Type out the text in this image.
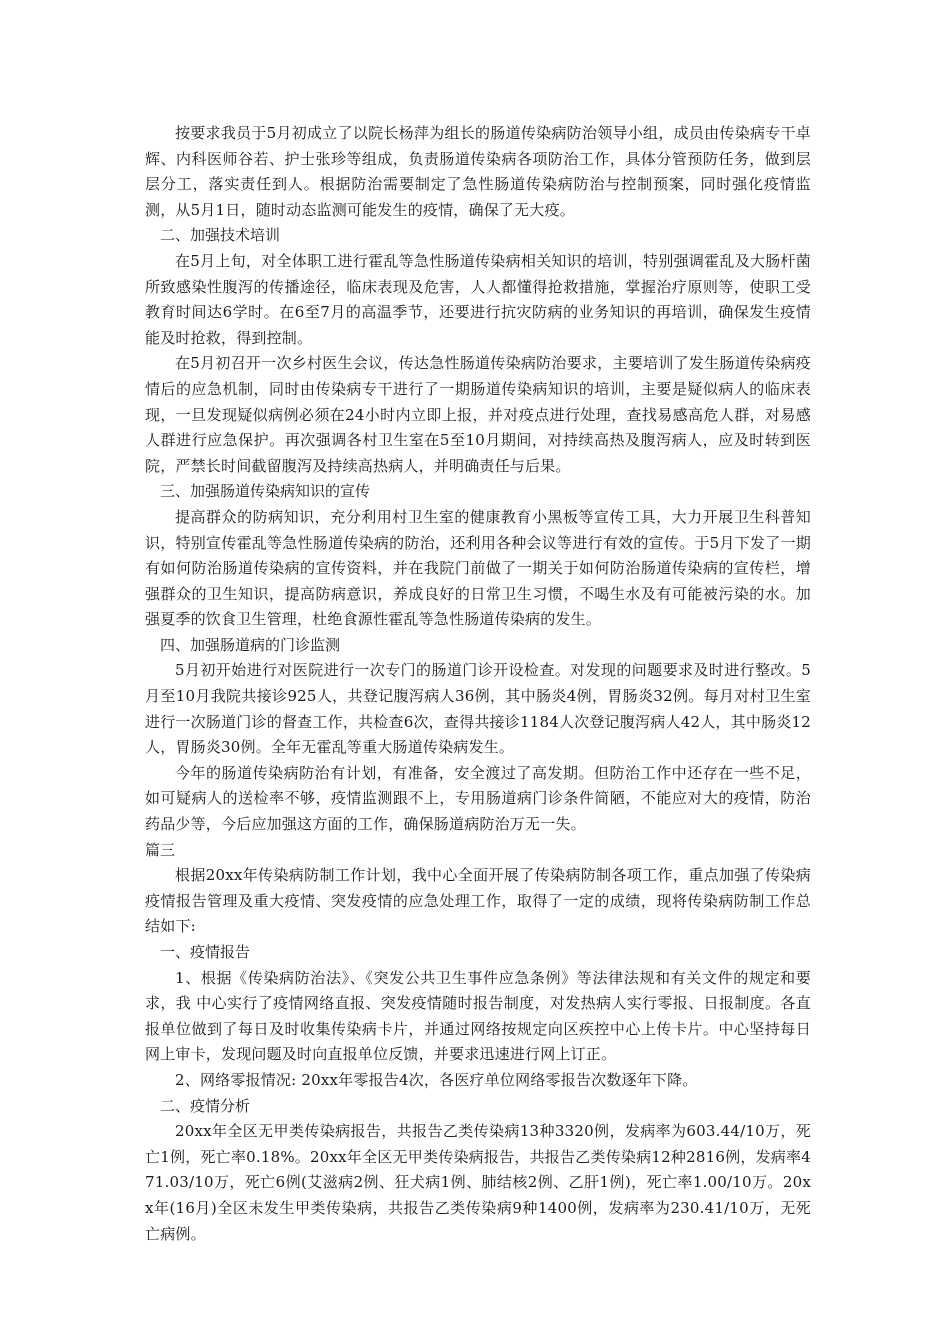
按要求我员于5月初成立了以院长杨萍为组长的肠道传染病防治领导小组，成员由传染病专干卓辉、内科医师谷若、护士张珍等组成，负责肠道传染病各项防治工作，具体分管预防任务，做到层层分工，落实责任到人。根据防治需要制定了急性肠道传染病防治与控制预案，同时强化疫情监测，从5月1日，随时动态监测可能发生的疫情，确保了无大疫。

二、加强技术培训

在5月上旬，对全体职工进行霍乱等急性肠道传染病相关知识的培训，特别强调霍乱及大肠杆菌所致感染性腹泻的传播途径，临床表现及危害，人人都懂得抢救措施，掌握治疗原则等，使职工受教育时间达6学时。在6至7月的高温季节，还要进行抗灾防病的业务知识的再培训，确保发生疫情能及时抢救，得到控制。

在5月初召开一次乡村医生会议，传达急性肠道传染病防治要求，主要培训了发生肠道传染病疫情后的应急机制，同时由传染病专干进行了一期肠道传染病知识的培训，主要是疑似病人的临床表现，一旦发现疑似病例必须在24小时内立即上报，并对疫点进行处理，查找易感高危人群，对易感人群进行应急保护。再次强调各村卫生室在5至10月期间，对持续高热及腹泻病人，应及时转到医院，严禁长时间截留腹泻及持续高热病人，并明确责任与后果。

三、加强肠道传染病知识的宣传

提高群众的防病知识，充分利用村卫生室的健康教育小黑板等宣传工具，大力开展卫生科普知识，特别宣传霍乱等急性肠道传染病的防治，还利用各种会议等进行有效的宣传。于5月下发了一期有如何防治肠道传染病的宣传资料，并在我院门前做了一期关于如何防治肠道传染病的宣传栏，增强群众的卫生知识，提高防病意识，养成良好的日常卫生习惯，不喝生水及有可能被污染的水。加强夏季的饮食卫生管理，杜绝食源性霍乱等急性肠道传染病的发生。

四、加强肠道病的门诊监测

5月初开始进行对医院进行一次专门的肠道门诊开设检查。对发现的问题要求及时进行整改。5月至10月我院共接诊925人，共登记腹泻病人36例，其中肠炎4例，胃肠炎32例。每月对村卫生室进行一次肠道门诊的督查工作，共检查6次，查得共接诊1184人次登记腹泻病人42人，其中肠炎12人，胃肠炎30例。全年无霍乱等重大肠道传染病发生。

今年的肠道传染病防治有计划，有准备，安全渡过了高发期。但防治工作中还存在一些不足，如可疑病人的送检率不够，疫情监测跟不上，专用肠道病门诊条件简陋，不能应对大的疫情，防治药品少等，今后应加强这方面的工作，确保肠道病防治万无一失。

篇三

根据20xx年传染病防制工作计划，我中心全面开展了传染病防制各项工作，重点加强了传染病疫情报告管理及重大疫情、突发疫情的应急处理工作，取得了一定的成绩，现将传染病防制工作总结如下:

一、疫情报告

1、根据《传染病防治法》、《突发公共卫生事件应急条例》等法律法规和有关文件的规定和要求，我 中心实行了疫情网络直报、突发疫情随时报告制度，对发热病人实行零报、日报制度。各直报单位做到了每日及时收集传染病卡片，并通过网络按规定向区疾控中心上传卡片。中心坚持每日网上审卡，发现问题及时向直报单位反馈，并要求迅速进行网上订正。

2、网络零报情况: 20xx年零报告4次，各医疗单位网络零报告次数逐年下降。

二、疫情分析

20xx年全区无甲类传染病报告，共报告乙类传染病13种3320例，发病率为603.44/10万，死亡1例，死亡率0.18%。20xx年全区无甲类传染病报告，共报告乙类传染病12种2816例，发病率471.03/10万，死亡6例(艾滋病2例、狂犬病1例、肺结核2例、乙肝1例)，死亡率1.00/10万。20xx年(16月)全区未发生甲类传染病，共报告乙类传染病9种1400例，发病率为230.41/10万，无死亡病例。
